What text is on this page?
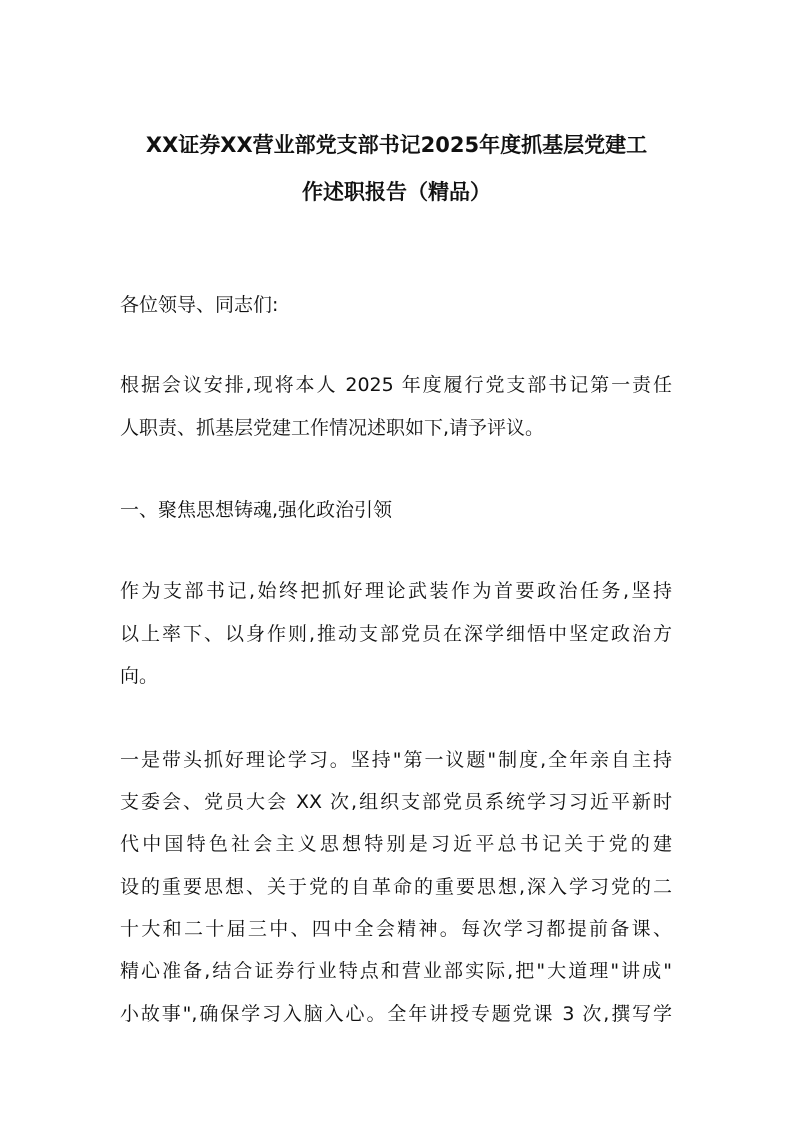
XX证券XX营业部党支部书记2025年度抓基层党建工
作述职报告（精品）
各位领导、同志们:
根据会议安排,现将本人 2025 年度履行党支部书记第一责任
人职责、抓基层党建工作情况述职如下,请予评议。
一、聚焦思想铸魂,强化政治引领
作为支部书记,始终把抓好理论武装作为首要政治任务,坚持
以上率下、以身作则,推动支部党员在深学细悟中坚定政治方
向。
一是带头抓好理论学习。坚持"第一议题"制度,全年亲自主持
支委会、党员大会 XX 次,组织支部党员系统学习习近平新时
代中国特色社会主义思想特别是习近平总书记关于党的建
设的重要思想、关于党的自革命的重要思想,深入学习党的二
十大和二十届三中、四中全会精神。每次学习都提前备课、
精心准备,结合证券行业特点和营业部实际,把"大道理"讲成"
小故事",确保学习入脑入心。全年讲授专题党课 3 次,撰写学
